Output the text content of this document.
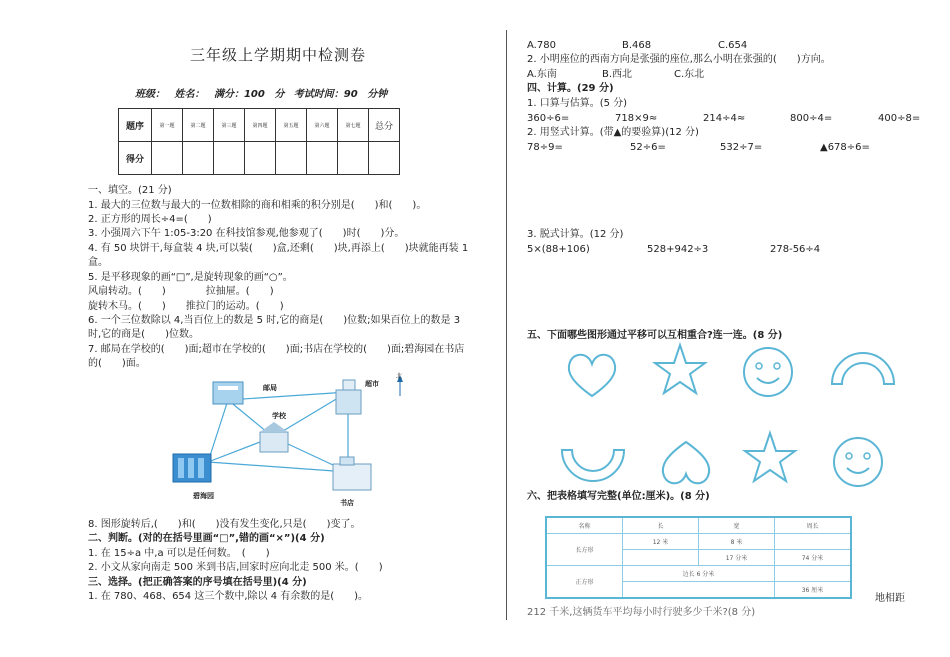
三年级上学期期中检测卷
班级： 姓名： 满分：100 分 考试时间：90 分钟
题序	第一题	第二题	第三题	第四题	第五题	第六题	第七题	总分
得分								
一、填空。(21 分)
1. 最大的三位数与最大的一位数相除的商和相乘的积分别是(　　)和(　　)。
2. 正方形的周长÷4=(　　)
3. 小强周六下午 1:05-3:20 在科技馆参观,他参观了(　　)时(　　)分。
4. 有 50 块饼干,每盒装 4 块,可以装(　　)盒,还剩(　　)块,再添上(　　)块就能再装 1
盒。
5. 是平移现象的画“□”,是旋转现象的画“○”。
风扇转动。(　　)　　　　拉抽屉。(　　)
旋转木马。(　　)　　推拉门的运动。(　　)
6. 一个三位数除以 4,当百位上的数是 5 时,它的商是(　　)位数;如果百位上的数是 3
时,它的商是(　　)位数。
7. 邮局在学校的(　　)面;超市在学校的(　　)面;书店在学校的(　　)面;碧海园在书店
的(　　)面。
邮局	超市
学校
碧海园
书店
北
8. 图形旋转后,(　　)和(　　)没有发生变化,只是(　　)变了。
二、判断。(对的在括号里画“□”,错的画“×”)(4 分)
1. 在 15÷a 中,a 可以是任何数。　(　　)
2. 小文从家向南走 500 米到书店,回家时应向北走 500 米。(　　)
三、选择。(把正确答案的序号填在括号里)(4 分)
1. 在 780、468、654 这三个数中,除以 4 有余数的是(　　)。
A.780	B.468	C.654
2. 小明座位的西南方向是张强的座位,那么小明在张强的(　　)方向。
A.东南	B.西北	C.东北
四、计算。(29 分)
1. 口算与估算。(5 分)
360÷6=	718×9≈	214÷4≈	800÷4=	400÷8=
2. 用竖式计算。(带▲的要验算)(12 分)
78÷9=	52÷6=	532÷7=	▲678÷6=
3. 脱式计算。(12 分)
5×(88+106)	528+942÷3	278-56÷4
五、下面哪些图形通过平移可以互相重合?连一连。(8 分)
六、把表格填写完整(单位:厘米)。(8 分)
名称	长	宽	周长
长方形	12 米	8 米	
		17 分米	74 分米
正方形	边长 6 分米		
			36 厘米
地相距
212 千米,这辆货车平均每小时行驶多少千米?(8 分)
